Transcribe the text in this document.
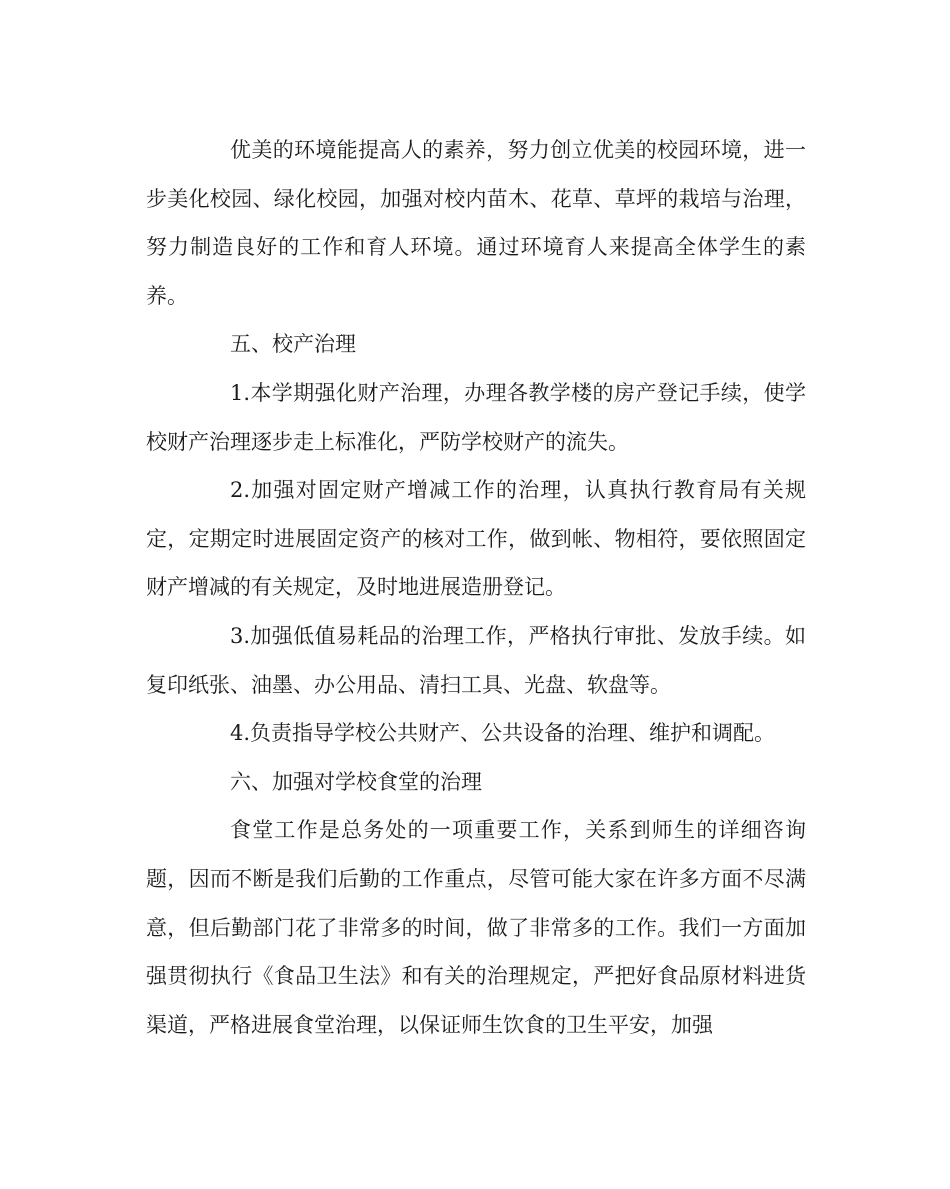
优美的环境能提高人的素养，努力创立优美的校园环境，进一步美化校园、绿化校园，加强对校内苗木、花草、草坪的栽培与治理，努力制造良好的工作和育人环境。通过环境育人来提高全体学生的素养。

五、校产治理

1.本学期强化财产治理，办理各教学楼的房产登记手续，使学校财产治理逐步走上标准化，严防学校财产的流失。

2.加强对固定财产增减工作的治理，认真执行教育局有关规定，定期定时进展固定资产的核对工作，做到帐、物相符，要依照固定财产增减的有关规定，及时地进展造册登记。

3.加强低值易耗品的治理工作，严格执行审批、发放手续。如复印纸张、油墨、办公用品、清扫工具、光盘、软盘等。

4.负责指导学校公共财产、公共设备的治理、维护和调配。

六、加强对学校食堂的治理

食堂工作是总务处的一项重要工作，关系到师生的详细咨询题，因而不断是我们后勤的工作重点，尽管可能大家在许多方面不尽满意，但后勤部门花了非常多的时间，做了非常多的工作。我们一方面加强贯彻执行《食品卫生法》和有关的治理规定，严把好食品原材料进货渠道，严格进展食堂治理，以保证师生饮食的卫生平安，加强
